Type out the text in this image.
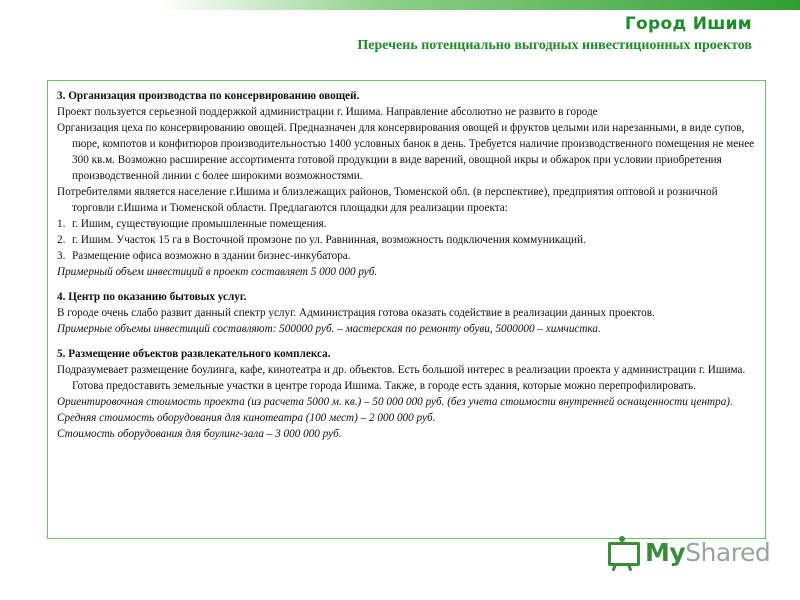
Город Ишим
Перечень потенциально выгодных инвестиционных проектов

3. Организация производства по консервированию овощей.

Проект пользуется серьезной поддержкой администрации г. Ишима. Направление абсолютно не развито в городе

Организация цеха по консервированию овощей. Предназначен для консервирования овощей и фруктов целыми или нарезанными, в виде супов, пюре, компотов и конфитюров производительностью 1400 условных банок в день. Требуется наличие производственного помещения не менее 300 кв.м. Возможно расширение ассортимента готовой продукции в виде варений, овощной икры и обжарок при условии приобретения производственной линии с более широкими возможностями.

Потребителями является население г.Ишима и близлежащих районов, Тюменской обл. (в перспективе), предприятия оптовой и розничной торговли г.Ишима и Тюменской области. Предлагаются площадки для реализации проекта:

1. г. Ишим, существующие промышленные помещения.

2. г. Ишим. Участок 15 га в Восточной промзоне по ул. Равнинная, возможность подключения коммуникаций.

3. Размещение офиса возможно в здании бизнес-инкубатора.

Примерный объем инвестиций в проект составляет 5 000 000 руб.

4. Центр по оказанию бытовых услуг.

В городе очень слабо развит данный спектр услуг. Администрация готова оказать содействие в реализации данных проектов.

Примерные объемы инвестиций составляют: 500000 руб. – мастерская по ремонту обуви, 5000000 – химчистка.

5. Размещение объектов развлекательного комплекса.

Подразумевает размещение боулинга, кафе, кинотеатра и др. объектов. Есть большой интерес в реализации проекта у администрации г. Ишима. Готова предоставить земельные участки в центре города Ишима. Также, в городе есть здания, которые можно перепрофилировать.

Ориентировочная стоимость проекта (из расчета 5000 м. кв.) – 50 000 000 руб. (без учета стоимости внутренней оснащенности центра).

Средняя стоимость оборудования для кинотеатра (100 мест) – 2 000 000 руб.

Стоимость оборудования для боулинг-зала – 3 000 000 руб.

MyShared
